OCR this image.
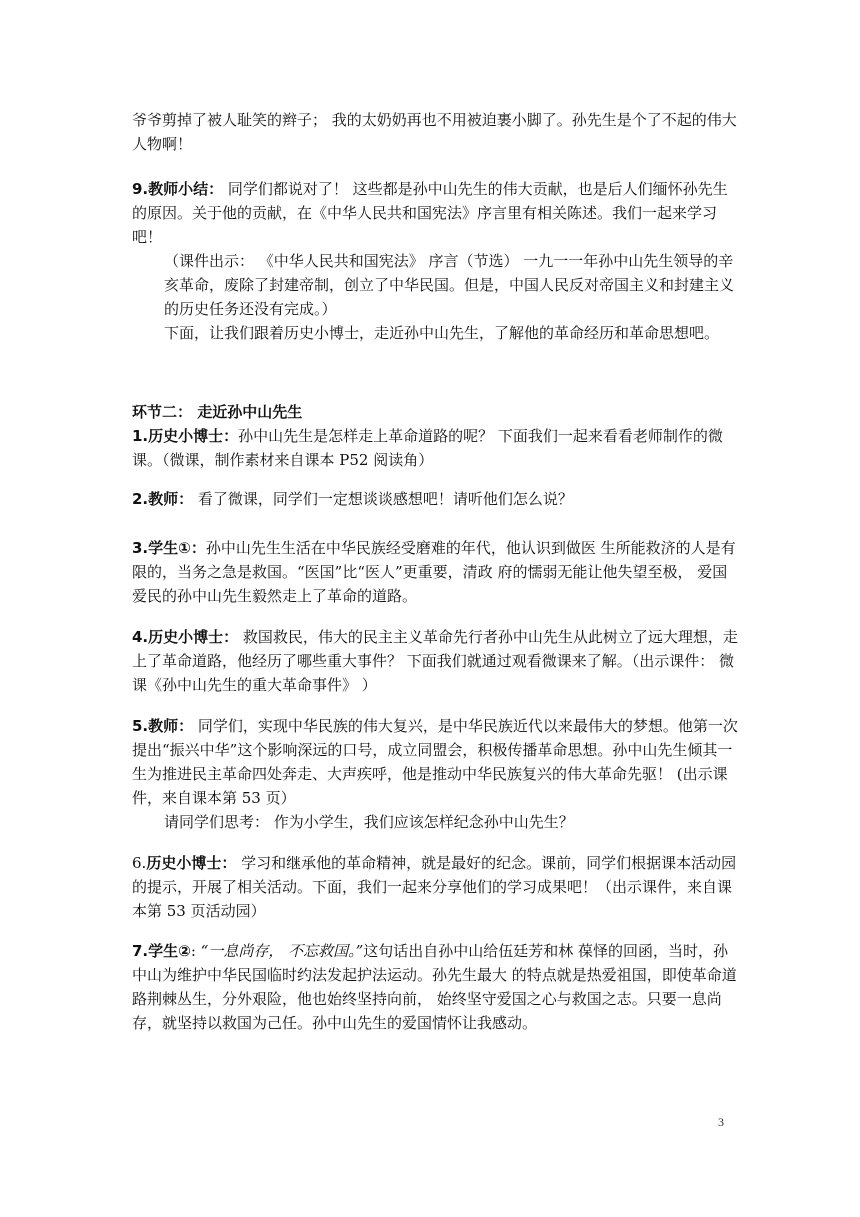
爷爷剪掉了被人耻笑的辫子； 我的太奶奶再也不用被迫裹小脚了。孙先生是个了不起的伟大人物啊！

9.教师小结： 同学们都说对了！ 这些都是孙中山先生的伟大贡献，也是后人们缅怀孙先生的原因。关于他的贡献，在《中华人民共和国宪法》序言里有相关陈述。我们一起来学习吧！

（课件出示： 《中华人民共和国宪法》 序言（节选） 一九一一年孙中山先生领导的辛亥革命，废除了封建帝制，创立了中华民国。但是，中国人民反对帝国主义和封建主义的历史任务还没有完成。）

下面，让我们跟着历史小博士，走近孙中山先生，了解他的革命经历和革命思想吧。

环节二： 走近孙中山先生

1.历史小博士：孙中山先生是怎样走上革命道路的呢？ 下面我们一起来看看老师制作的微课。（微课，制作素材来自课本 P52 阅读角）

2.教师： 看了微课，同学们一定想谈谈感想吧！请听他们怎么说？

3.学生①：孙中山先生生活在中华民族经受磨难的年代，他认识到做医 生所能救济的人是有限的，当务之急是救国。“医国”比“医人”更重要，清政 府的懦弱无能让他失望至极， 爱国爱民的孙中山先生毅然走上了革命的道路。

4.历史小博士： 救国救民，伟大的民主主义革命先行者孙中山先生从此树立了远大理想，走上了革命道路，他经历了哪些重大事件？ 下面我们就通过观看微课来了解。（出示课件： 微课《孙中山先生的重大革命事件》 ）

5.教师： 同学们，实现中华民族的伟大复兴，是中华民族近代以来最伟大的梦想。他第一次提出“振兴中华”这个影响深远的口号，成立同盟会，积极传播革命思想。孙中山先生倾其一生为推进民主革命四处奔走、大声疾呼，他是推动中华民族复兴的伟大革命先驱！ (出示课件，来自课本第 53 页）

请同学们思考： 作为小学生，我们应该怎样纪念孙中山先生？

6.历史小博士： 学习和继承他的革命精神，就是最好的纪念。课前，同学们根据课本活动园的提示，开展了相关活动。下面，我们一起来分享他们的学习成果吧！（出示课件，来自课本第 53 页活动园）

7.学生②: “一息尚存， 不忘救国。”这句话出自孙中山给伍廷芳和林 葆怿的回函，当时，孙中山为维护中华民国临时约法发起护法运动。孙先生最大 的特点就是热爱祖国，即使革命道路荆棘丛生，分外艰险，他也始终坚持向前， 始终坚守爱国之心与救国之志。只要一息尚存，就坚持以救国为己任。孙中山先生的爱国情怀让我感动。

3
